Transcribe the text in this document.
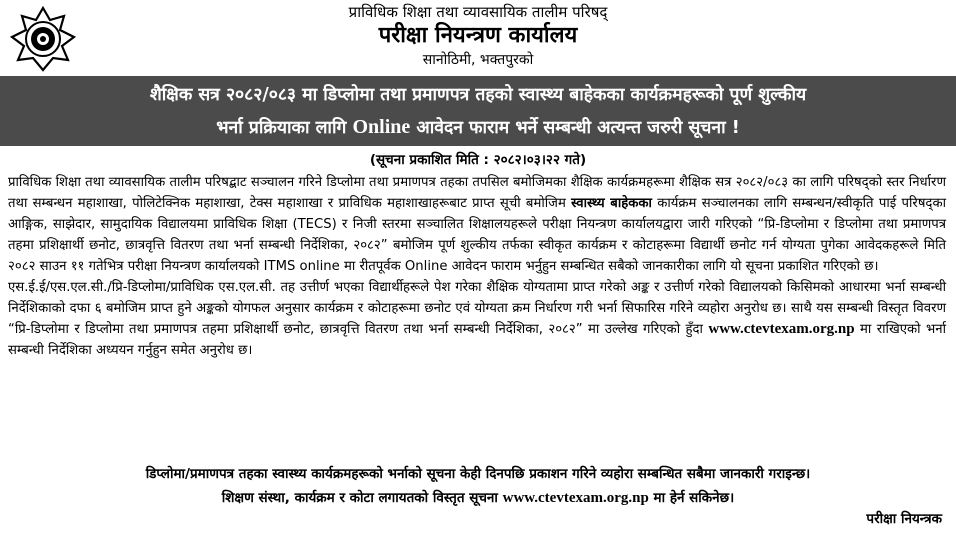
प्राविधिक शिक्षा तथा व्यावसायिक तालीम परिषद्
परीक्षा नियन्त्रण कार्यालय
सानोठिमी, भक्तपुरको
शैक्षिक सत्र २०८२/०८३ मा डिप्लोमा तथा प्रमाणपत्र तहको स्वास्थ्य बाहेकका कार्यक्रमहरूको पूर्ण शुल्कीय
भर्ना प्रक्रियाका लागि Online आवेदन फाराम भर्ने सम्बन्धी अत्यन्त जरुरी सूचना !
(सूचना प्रकाशित मिति : २०८२।०३।२२ गते)

प्राविधिक शिक्षा तथा व्यावसायिक तालीम परिषद्बाट सञ्चालन गरिने डिप्लोमा तथा प्रमाणपत्र तहका तपसिल बमोजिमका शैक्षिक कार्यक्रमहरूमा शैक्षिक सत्र २०८२/०८३ का लागि परिषद्को स्तर निर्धारण तथा सम्बन्धन महाशाखा, पोलिटेक्निक महाशाखा, टेक्स महाशाखा र प्राविधिक महाशाखाहरूबाट प्राप्त सूची बमोजिम स्वास्थ्य बाहेकका कार्यक्रम सञ्चालनका लागि सम्बन्धन/स्वीकृति पाई परिषद्का आङ्गिक, साझेदार, सामुदायिक विद्यालयमा प्राविधिक शिक्षा (TECS) र निजी स्तरमा सञ्चालित शिक्षालयहरूले परीक्षा नियन्त्रण कार्यालयद्वारा जारी गरिएको “प्रि-डिप्लोमा र डिप्लोमा तथा प्रमाणपत्र तहमा प्रशिक्षार्थी छनोट, छात्रवृत्ति वितरण तथा भर्ना सम्बन्धी निर्देशिका, २०८२” बमोजिम पूर्ण शुल्कीय तर्फका स्वीकृत कार्यक्रम र कोटाहरूमा विद्यार्थी छनोट गर्न योग्यता पुगेका आवेदकहरूले मिति २०८२ साउन ११ गतेभित्र परीक्षा नियन्त्रण कार्यालयको ITMS online मा रीतपूर्वक Online आवेदन फाराम भर्नुहुन सम्बन्धित सबैको जानकारीका लागि यो सूचना प्रकाशित गरिएको छ।

एस.ई.ई/एस.एल.सी./प्रि-डिप्लोमा/प्राविधिक एस.एल.सी. तह उत्तीर्ण भएका विद्यार्थीहरूले पेश गरेका शैक्षिक योग्यतामा प्राप्त गरेको अङ्क र उत्तीर्ण गरेको विद्यालयको किसिमको आधारमा भर्ना सम्बन्धी निर्देशिकाको दफा ६ बमोजिम प्राप्त हुने अङ्कको योगफल अनुसार कार्यक्रम र कोटाहरूमा छनोट एवं योग्यता क्रम निर्धारण गरी भर्ना सिफारिस गरिने व्यहोरा अनुरोध छ। साथै यस सम्बन्धी विस्तृत विवरण “प्रि-डिप्लोमा र डिप्लोमा तथा प्रमाणपत्र तहमा प्रशिक्षार्थी छनोट, छात्रवृत्ति वितरण तथा भर्ना सम्बन्धी निर्देशिका, २०८२” मा उल्लेख गरिएको हुँदा www.ctevtexam.org.np मा राखिएको भर्ना सम्बन्धी निर्देशिका अध्ययन गर्नुहुन समेत अनुरोध छ।

डिप्लोमा/प्रमाणपत्र तहका स्वास्थ्य कार्यक्रमहरूको भर्नाको सूचना केही दिनपछि प्रकाशन गरिने व्यहोरा सम्बन्धित सबैमा जानकारी गराइन्छ।
शिक्षण संस्था, कार्यक्रम र कोटा लगायतको विस्तृत सूचना www.ctevtexam.org.np मा हेर्न सकिनेछ।
परीक्षा नियन्त्रक
